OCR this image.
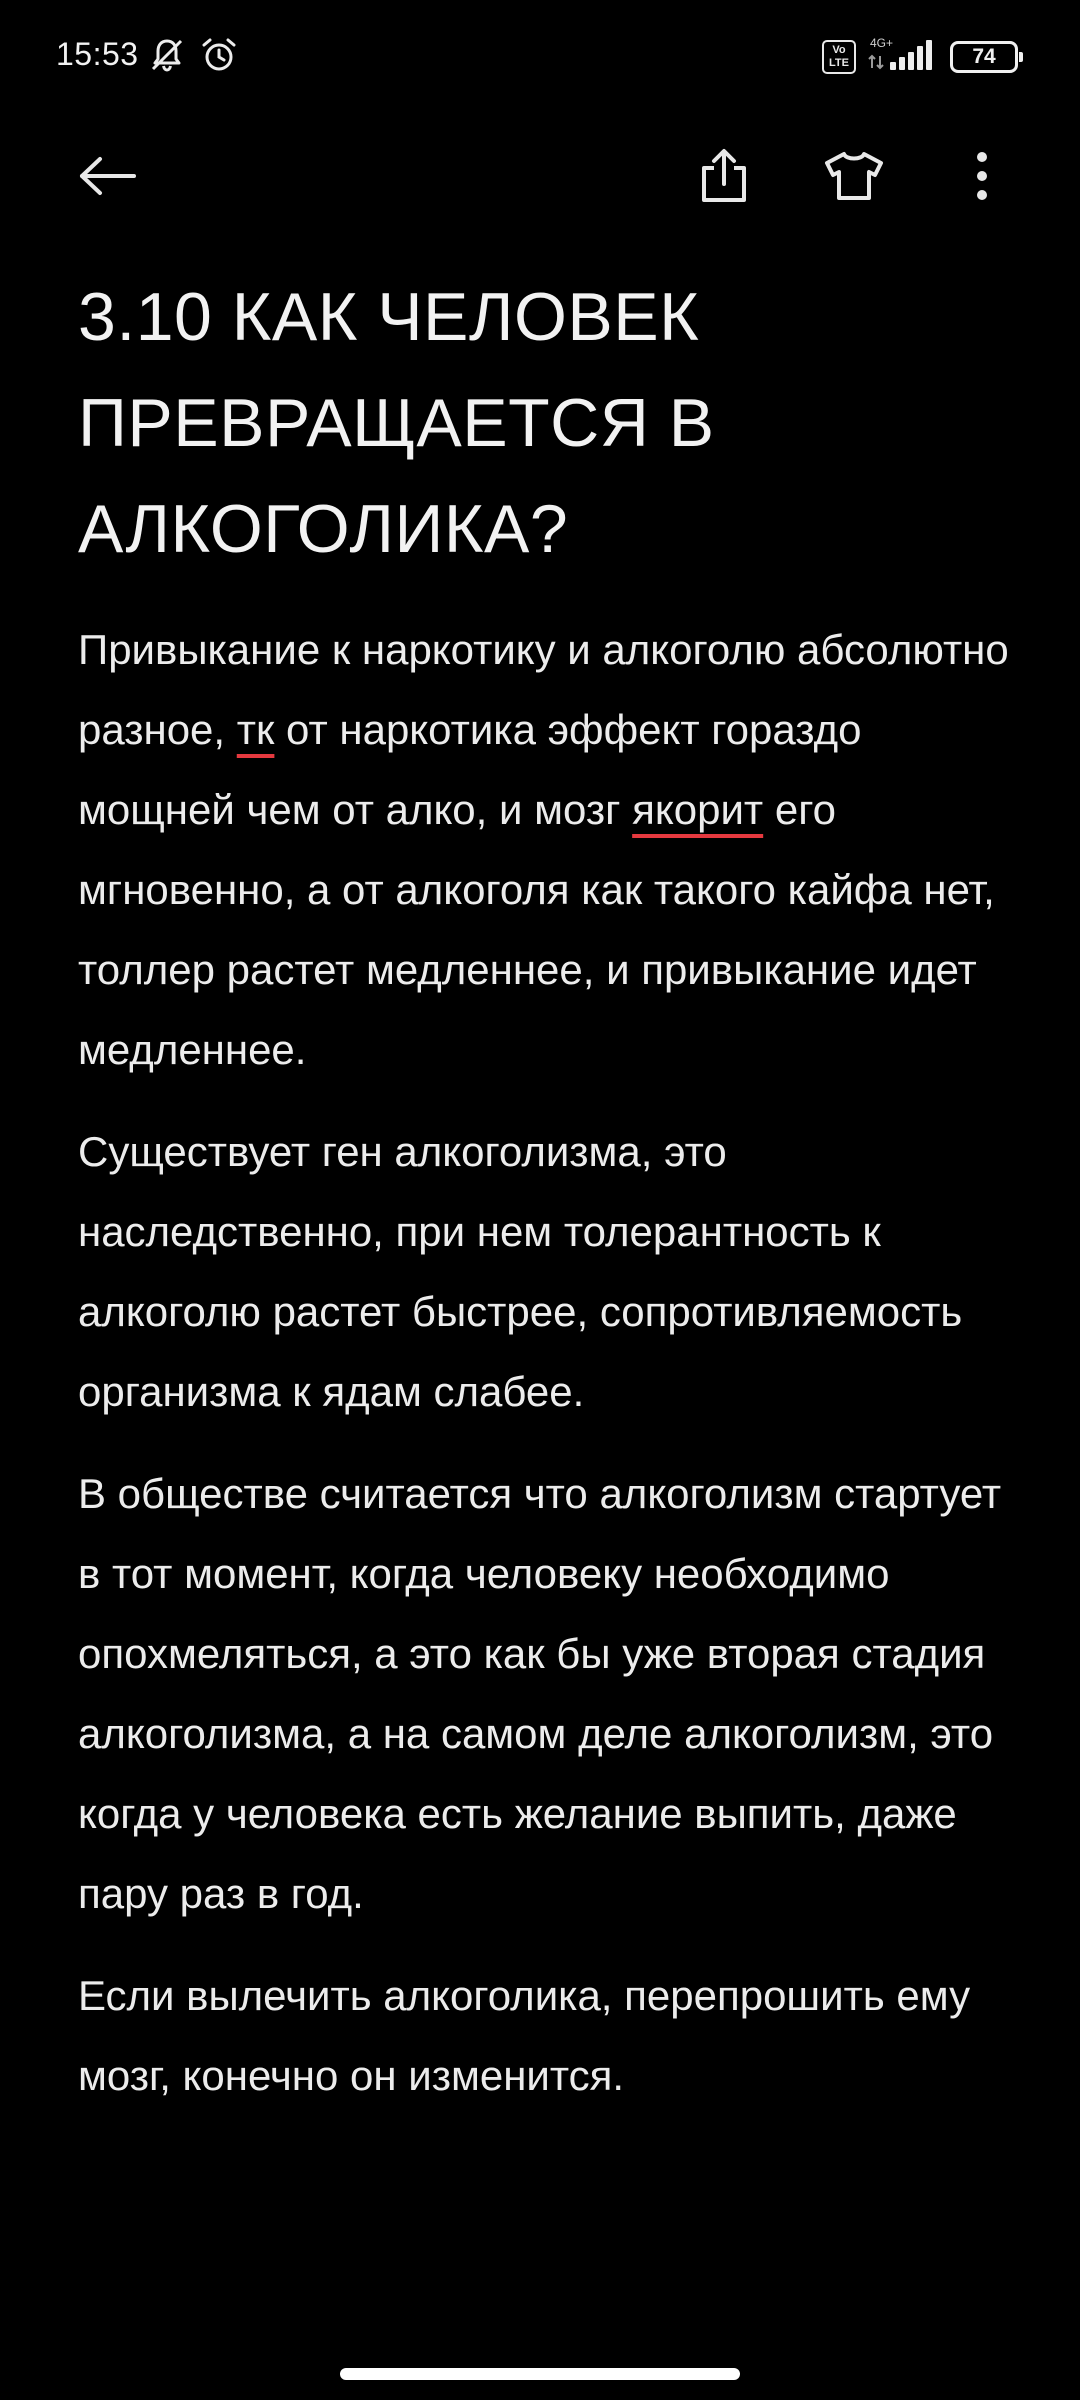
15:53	Vo
LTE
4G+
74
3.10 КАК ЧЕЛОВЕК ПРЕВРАЩАЕТСЯ В АЛКОГОЛИКА?

Привыкание к наркотику и алкоголю абсолютно разное, тк от наркотика эффект гораздо мощней чем от алко, и мозг якорит его мгновенно, а от алкоголя как такого кайфа нет, толлер растет медленнее, и привыкание идет медленнее.

Существует ген алкоголизма, это наследственно, при нем толерантность к алкоголю растет быстрее, сопротивляемость организма к ядам слабее.

В обществе считается что алкоголизм стартует в тот момент, когда человеку необходимо опохмеляться, а это как бы уже вторая стадия алкоголизма, а на самом деле алкоголизм, это когда у человека есть желание выпить, даже пару раз в год.

Если вылечить алкоголика, перепрошить ему мозг, конечно он изменится.
